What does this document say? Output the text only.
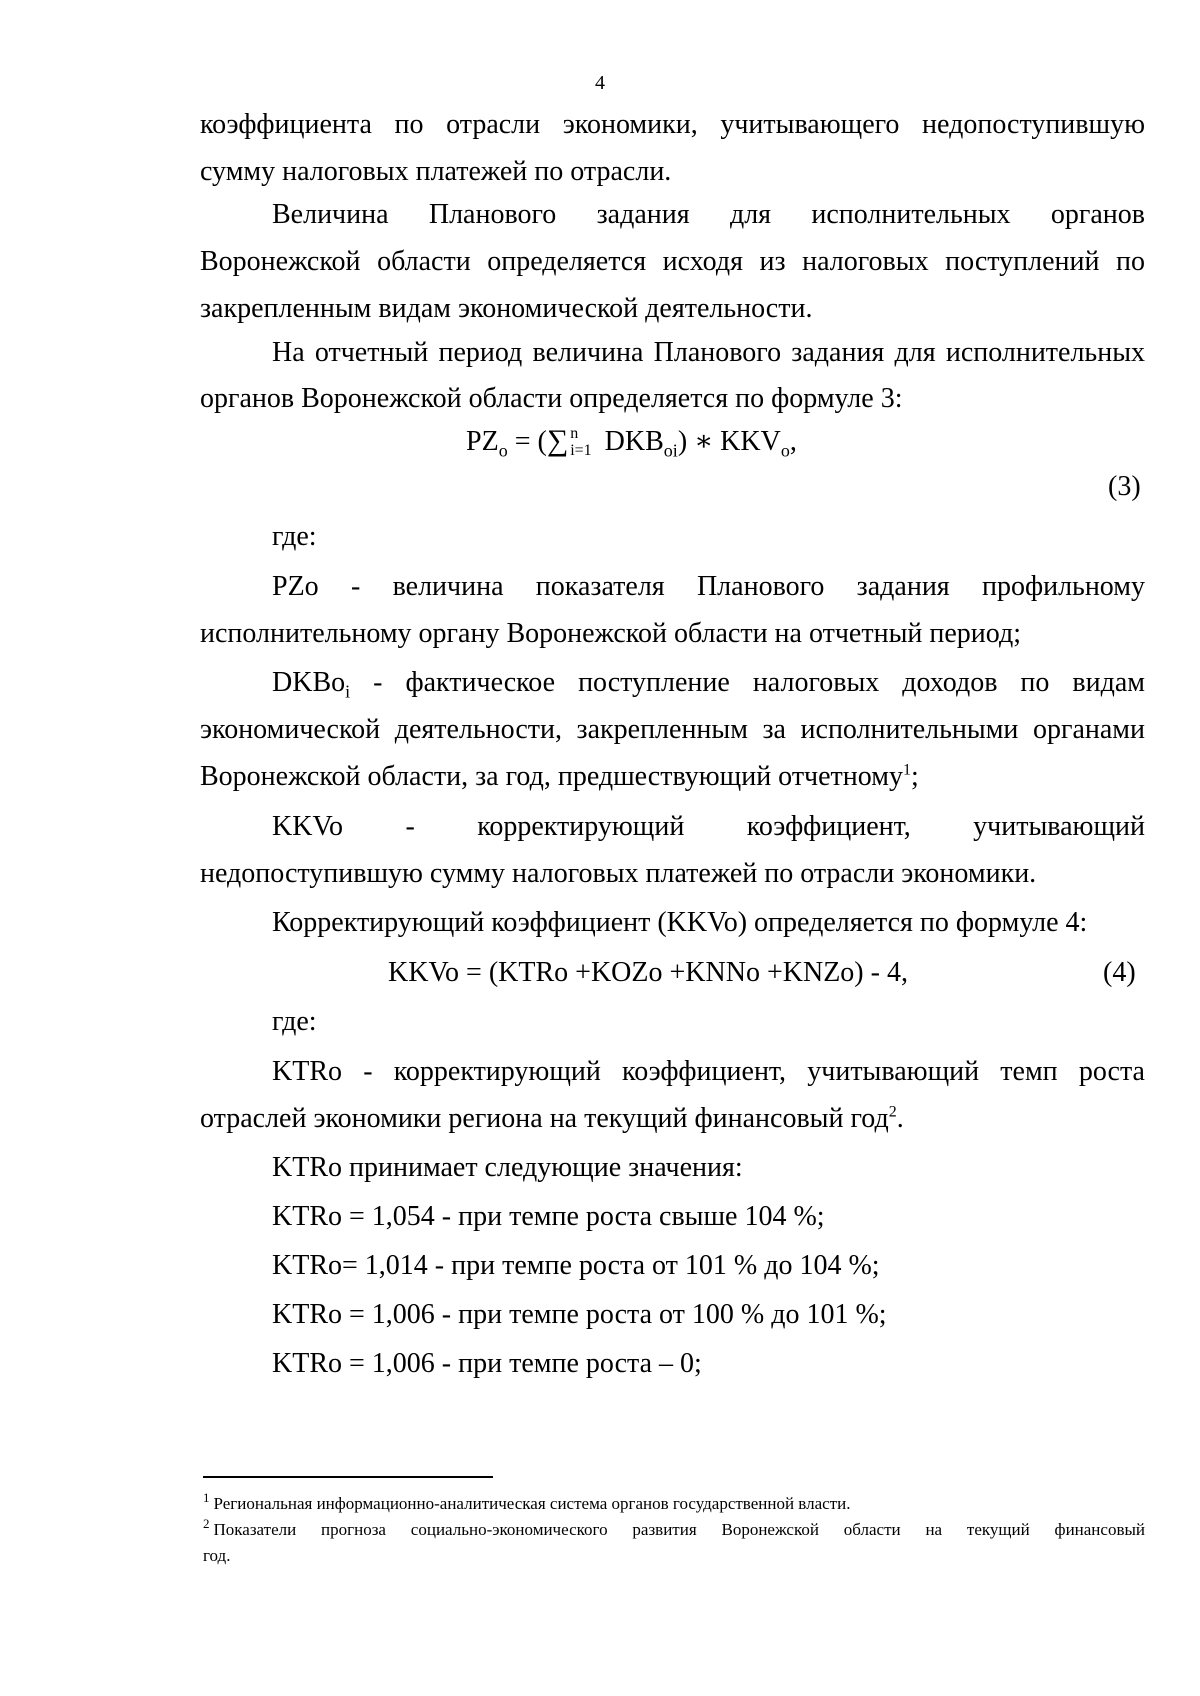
4
коэффициента по отрасли экономики, учитывающего недопоступившую
сумму налоговых платежей по отрасли.
Величина Планового задания для исполнительных органов
Воронежской области определяется исходя из налоговых поступлений по
закрепленным видам экономической деятельности.
На отчетный период величина Планового задания для исполнительных
органов Воронежской области определяется по формуле 3:
$PZ_o$ = (∑ n
i=1 $DKB_{oi}$) ∗ $KKV_o$,
(3)
где:
PZo - величина показателя Планового задания профильному
исполнительному органу Воронежской области на отчетный период;
DKBo$_i$ - фактическое поступление налоговых доходов по видам
экономической деятельности, закрепленным за исполнительными органами
Воронежской области, за год, предшествующий отчетному$^1$;
KKVo - корректирующий коэффициент, учитывающий
недопоступившую сумму налоговых платежей по отрасли экономики.
Корректирующий коэффициент (KKVo) определяется по формуле 4:
KKVo = (KTRo +KOZo +KNNo +KNZo) - 4,	(4)
где:
KTRo - корректирующий коэффициент, учитывающий темп роста
отраслей экономики региона на текущий финансовый год$^2$.
KTRo принимает следующие значения:
KTRo = 1,054 - при темпе роста свыше 104 %;
KTRo= 1,014 - при темпе роста от 101 % до 104 %;
KTRo = 1,006 - при темпе роста от 100 % до 101 %;
KTRo = 1,006 - при темпе роста – 0;
$^1$ Региональная информационно-аналитическая система органов государственной власти.
$^2$ Показатели прогноза социально-экономического развития Воронежской области на текущий финансовый
год.
